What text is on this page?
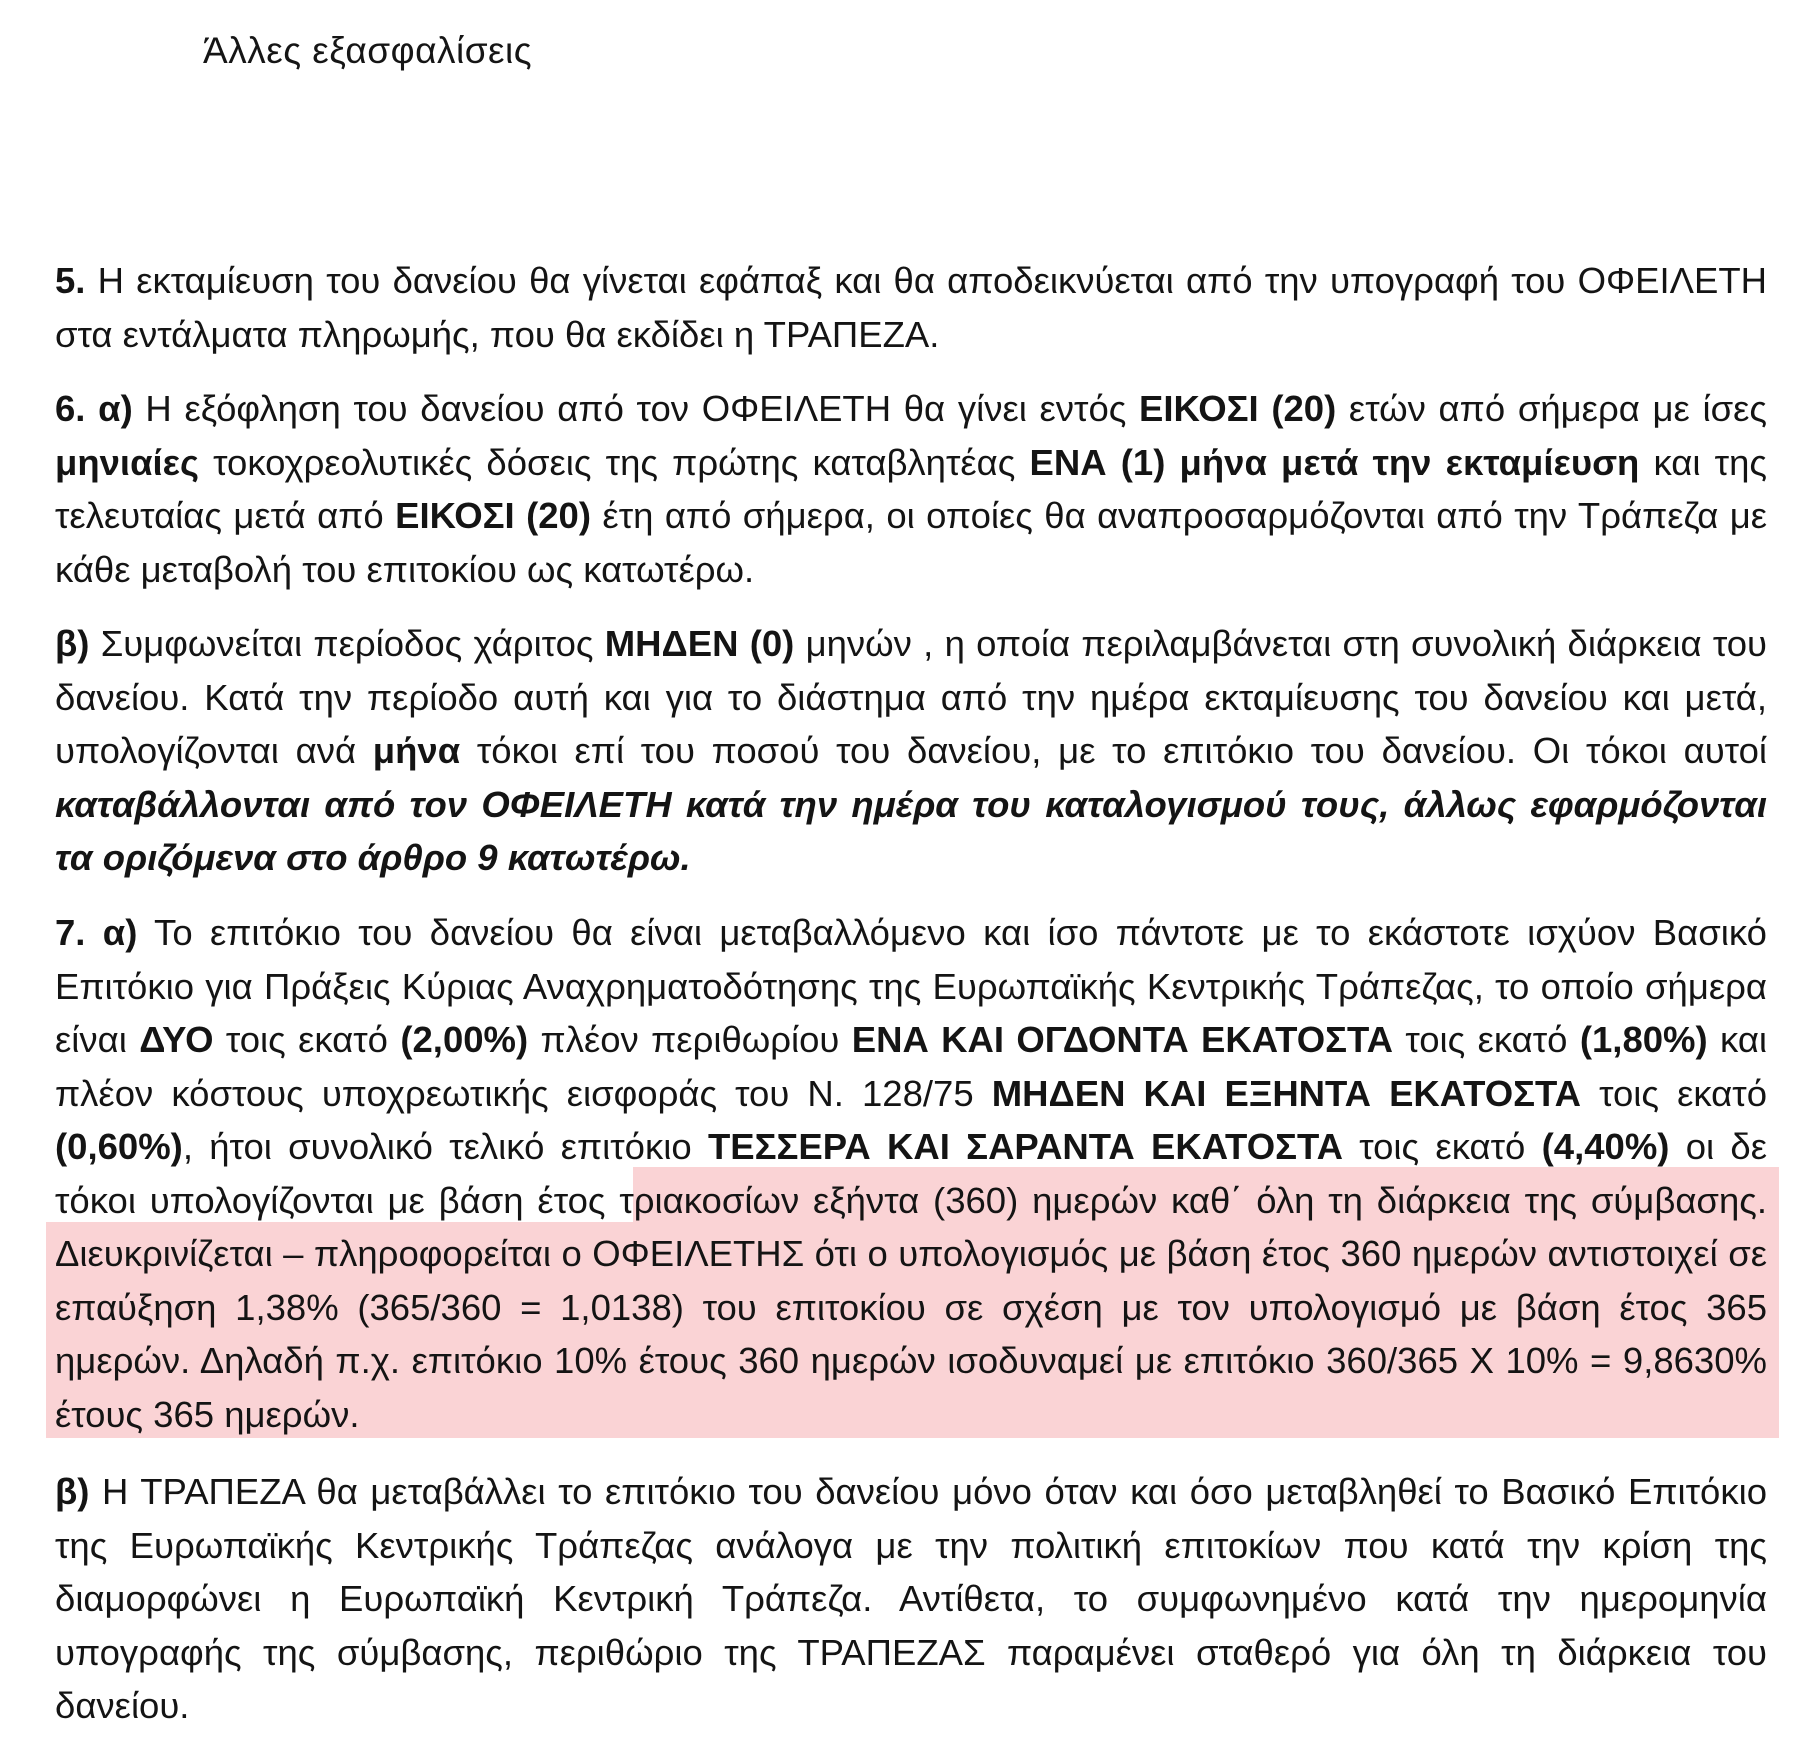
Άλλες εξασφαλίσεις
5. Η εκταμίευση του δανείου θα γίνεται εφάπαξ και θα αποδεικνύεται από την υπογραφή του ΟΦΕΙΛΕΤΗ στα εντάλματα πληρωμής, που θα εκδίδει η ΤΡΑΠΕΖΑ.
6. α) Η εξόφληση του δανείου από τον ΟΦΕΙΛΕΤΗ θα γίνει εντός ΕΙΚΟΣΙ (20) ετών από σήμερα με ίσες μηνιαίες τοκοχρεολυτικές δόσεις της πρώτης καταβλητέας ΕΝΑ (1) μήνα μετά την εκταμίευση και της τελευταίας μετά από ΕΙΚΟΣΙ (20) έτη από σήμερα, οι οποίες θα αναπροσαρμόζονται από την Τράπεζα με κάθε μεταβολή του επιτοκίου ως κατωτέρω.
β) Συμφωνείται περίοδος χάριτος ΜΗΔΕΝ (0) μηνών , η οποία περιλαμβάνεται στη συνολική διάρκεια του δανείου. Κατά την περίοδο αυτή και για το διάστημα από την ημέρα εκταμίευσης του δανείου και μετά, υπολογίζονται ανά μήνα τόκοι επί του ποσού του δανείου, με το επιτόκιο του δανείου. Οι τόκοι αυτοί καταβάλλονται από τον ΟΦΕΙΛΕΤΗ κατά την ημέρα του καταλογισμού τους, άλλως εφαρμόζονται τα οριζόμενα στο άρθρο 9 κατωτέρω.
7. α) Το επιτόκιο του δανείου θα είναι μεταβαλλόμενο και ίσο πάντοτε με το εκάστοτε ισχύον Βασικό Επιτόκιο για Πράξεις Κύριας Αναχρηματοδότησης της Ευρωπαϊκής Κεντρικής Τράπεζας, το οποίο σήμερα είναι ΔΥΟ τοις εκατό (2,00%) πλέον περιθωρίου ΕΝΑ ΚΑΙ ΟΓΔΟΝΤΑ ΕΚΑΤΟΣΤΑ τοις εκατό (1,80%) και πλέον κόστους υποχρεωτικής εισφοράς του Ν. 128/75 ΜΗΔΕΝ ΚΑΙ ΕΞΗΝΤΑ ΕΚΑΤΟΣΤΑ τοις εκατό (0,60%), ήτοι συνολικό τελικό επιτόκιο ΤΕΣΣΕΡΑ ΚΑΙ ΣΑΡΑΝΤΑ ΕΚΑΤΟΣΤΑ τοις εκατό (4,40%) οι δε τόκοι υπολογίζονται με βάση έτος τριακοσίων εξήντα (360) ημερών καθ΄ όλη τη διάρκεια της σύμβασης. Διευκρινίζεται – πληροφορείται ο ΟΦΕΙΛΕΤΗΣ ότι ο υπολογισμός με βάση έτος 360 ημερών αντιστοιχεί σε επαύξηση 1,38% (365/360 = 1,0138) του επιτοκίου σε σχέση με τον υπολογισμό με βάση έτος 365 ημερών. Δηλαδή π.χ. επιτόκιο 10% έτους 360 ημερών ισοδυναμεί με επιτόκιο 360/365 Χ 10% = 9,8630% έτους 365 ημερών.
β) Η ΤΡΑΠΕΖΑ θα μεταβάλλει το επιτόκιο του δανείου μόνο όταν και όσο μεταβληθεί το Βασικό Επιτόκιο της Ευρωπαϊκής Κεντρικής Τράπεζας ανάλογα με την πολιτική επιτοκίων που κατά την κρίση της διαμορφώνει η Ευρωπαϊκή Κεντρική Τράπεζα. Αντίθετα, το συμφωνημένο κατά την ημερομηνία υπογραφής της σύμβασης, περιθώριο της ΤΡΑΠΕΖΑΣ παραμένει σταθερό για όλη τη διάρκεια του δανείου.
